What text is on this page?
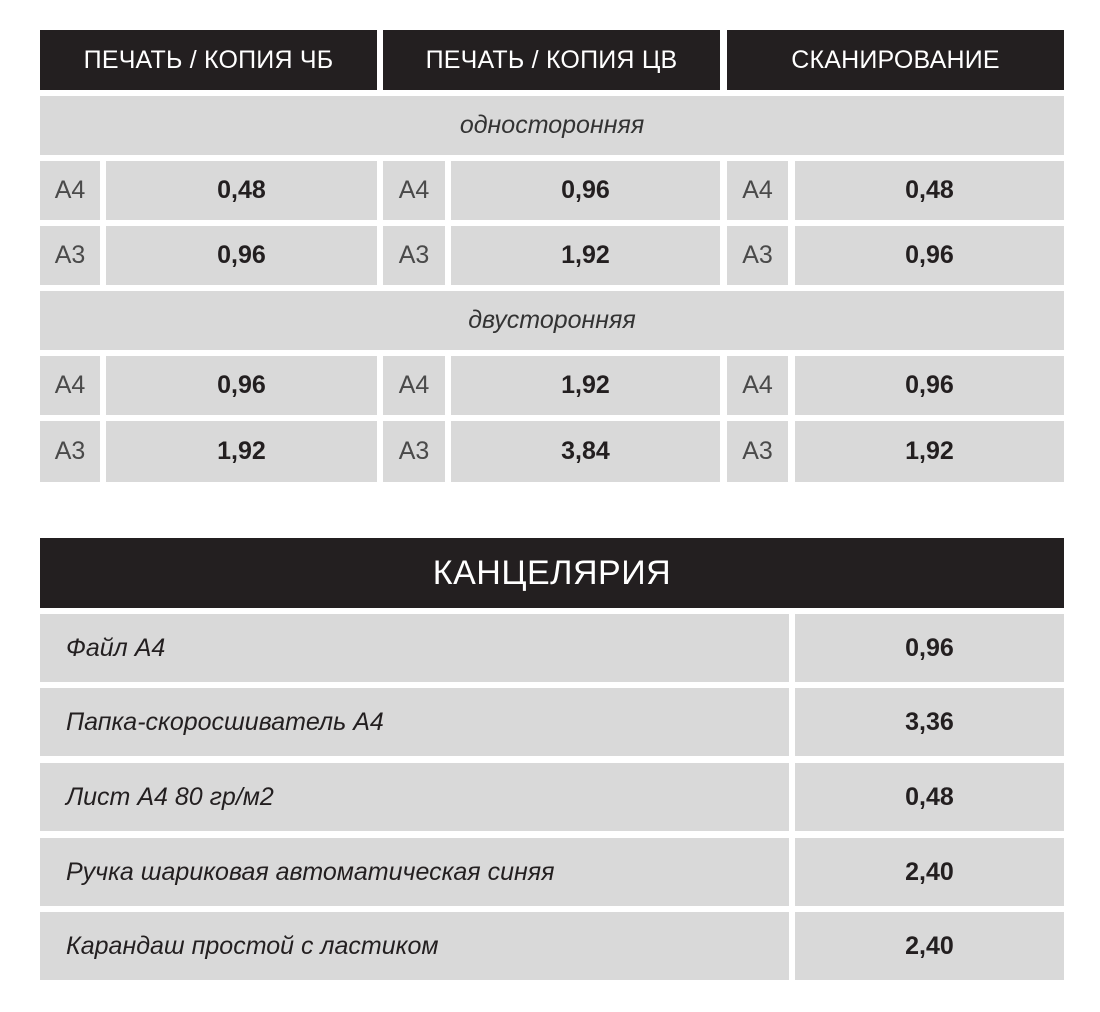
ПЕЧАТЬ / КОПИЯ ЧБ	ПЕЧАТЬ / КОПИЯ ЦВ	СКАНИРОВАНИЕ
односторонняя
А4	0,48	А4	0,96	А4	0,48
А3	0,96	А3	1,92	А3	0,96
двусторонняя
А4	0,96	А4	1,92	А4	0,96
А3	1,92	А3	3,84	А3	1,92
КАНЦЕЛЯРИЯ
Файл А4	0,96
Папка-скоросшиватель А4	3,36
Лист А4 80 гр/м2	0,48
Ручка шариковая автоматическая синяя	2,40
Карандаш простой с ластиком	2,40
